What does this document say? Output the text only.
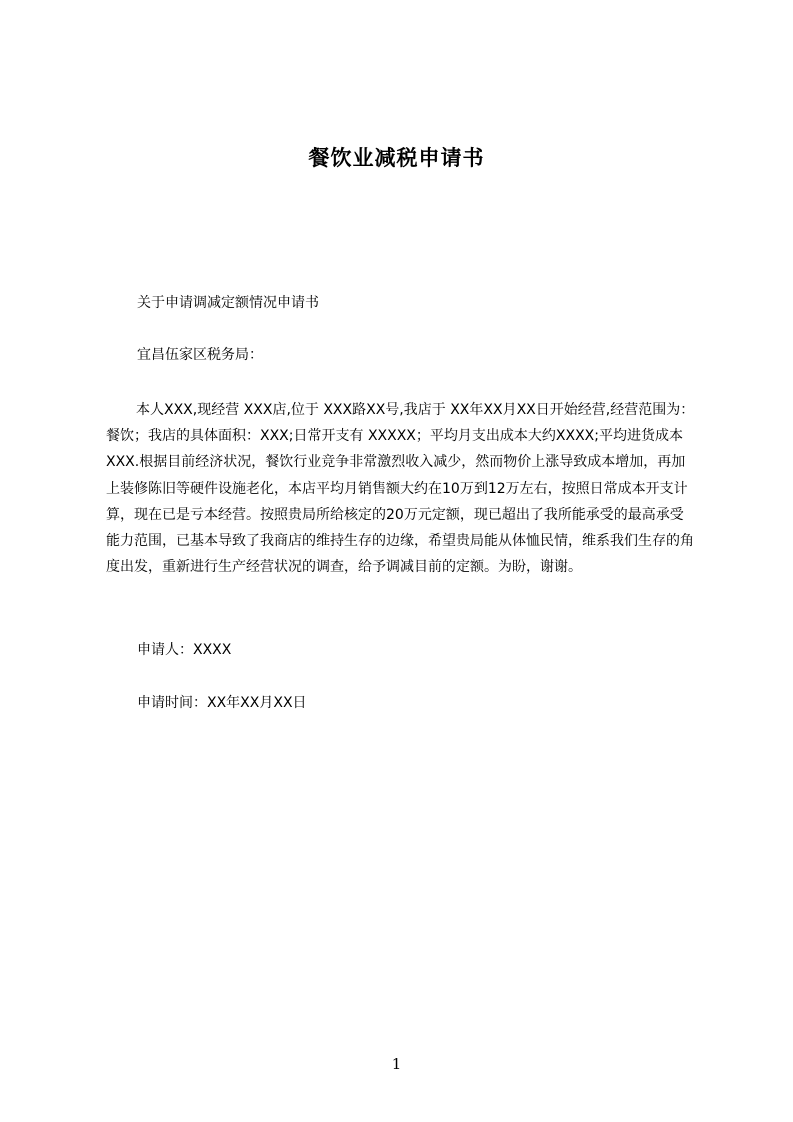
餐饮业减税申请书
关于申请调减定额情况申请书
宜昌伍家区税务局：
本人XXX,现经营 XXX店,位于 XXX路XX号,我店于 XX年XX月XX日开始经营,经营范围为：餐饮；我店的具体面积：XXX;日常开支有 XXXXX；平均月支出成本大约XXXX;平均进货成本 XXX.根据目前经济状况，餐饮行业竞争非常激烈收入减少，然而物价上涨导致成本增加，再加上装修陈旧等硬件设施老化，本店平均月销售额大约在10万到12万左右，按照日常成本开支计算，现在已是亏本经营。按照贵局所给核定的20万元定额，现已超出了我所能承受的最高承受能力范围，已基本导致了我商店的维持生存的边缘，希望贵局能从体恤民情，维系我们生存的角度出发，重新进行生产经营状况的调查，给予调减目前的定额。为盼，谢谢。
申请人：XXXX
申请时间：XX年XX月XX日
1
